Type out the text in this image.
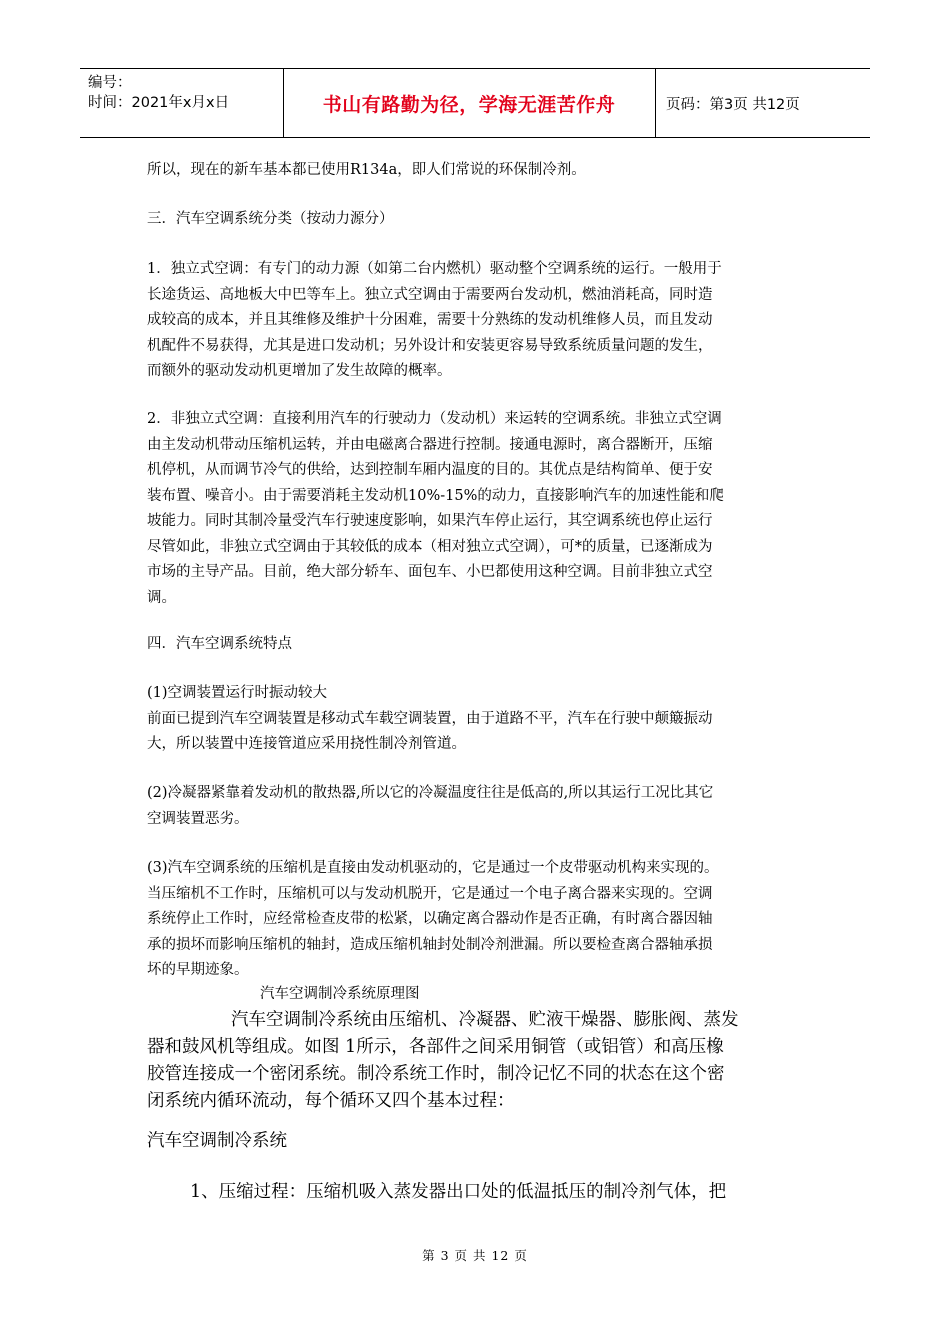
编号：
时间：2021年x月x日	书山有路勤为径，学海无涯苦作舟	页码：第3页 共12页
所以，现在的新车基本都已使用R134a，即人们常说的环保制冷剂。
三．汽车空调系统分类（按动力源分）
1．独立式空调：有专门的动力源（如第二台内燃机）驱动整个空调系统的运行。一般用于
长途货运、高地板大中巴等车上。独立式空调由于需要两台发动机，燃油消耗高，同时造
成较高的成本，并且其维修及维护十分困难，需要十分熟练的发动机维修人员，而且发动
机配件不易获得，尤其是进口发动机；另外设计和安装更容易导致系统质量问题的发生，
而额外的驱动发动机更增加了发生故障的概率。
2．非独立式空调：直接利用汽车的行驶动力（发动机）来运转的空调系统。非独立式空调
由主发动机带动压缩机运转，并由电磁离合器进行控制。接通电源时，离合器断开，压缩
机停机，从而调节冷气的供给，达到控制车厢内温度的目的。其优点是结构简单、便于安
装布置、噪音小。由于需要消耗主发动机10%-15%的动力，直接影响汽车的加速性能和爬
坡能力。同时其制冷量受汽车行驶速度影响，如果汽车停止运行，其空调系统也停止运行
尽管如此，非独立式空调由于其较低的成本（相对独立式空调），可*的质量，已逐渐成为
市场的主导产品。目前，绝大部分轿车、面包车、小巴都使用这种空调。目前非独立式空
调。
四．汽车空调系统特点
(1)空调装置运行时振动较大
前面已提到汽车空调装置是移动式车载空调装置，由于道路不平，汽车在行驶中颠簸振动
大，所以装置中连接管道应采用挠性制冷剂管道。
(2)冷凝器紧靠着发动机的散热器,所以它的冷凝温度往往是低高的,所以其运行工况比其它
空调装置恶劣。
(3)汽车空调系统的压缩机是直接由发动机驱动的，它是通过一个皮带驱动机构来实现的。
当压缩机不工作时，压缩机可以与发动机脱开，它是通过一个电子离合器来实现的。空调
系统停止工作时，应经常检查皮带的松紧，以确定离合器动作是否正确，有时离合器因轴
承的损坏而影响压缩机的轴封，造成压缩机轴封处制冷剂泄漏。所以要检查离合器轴承损
坏的早期迹象。
汽车空调制冷系统原理图
汽车空调制冷系统由压缩机、冷凝器、贮液干燥器、膨胀阀、蒸发
器和鼓风机等组成。如图 1所示，各部件之间采用铜管（或铝管）和高压橡
胶管连接成一个密闭系统。制冷系统工作时，制冷记忆不同的状态在这个密
闭系统内循环流动，每个循环又四个基本过程：
汽车空调制冷系统
1、压缩过程：压缩机吸入蒸发器出口处的低温抵压的制冷剂气体，把
第 3 页 共 12 页
